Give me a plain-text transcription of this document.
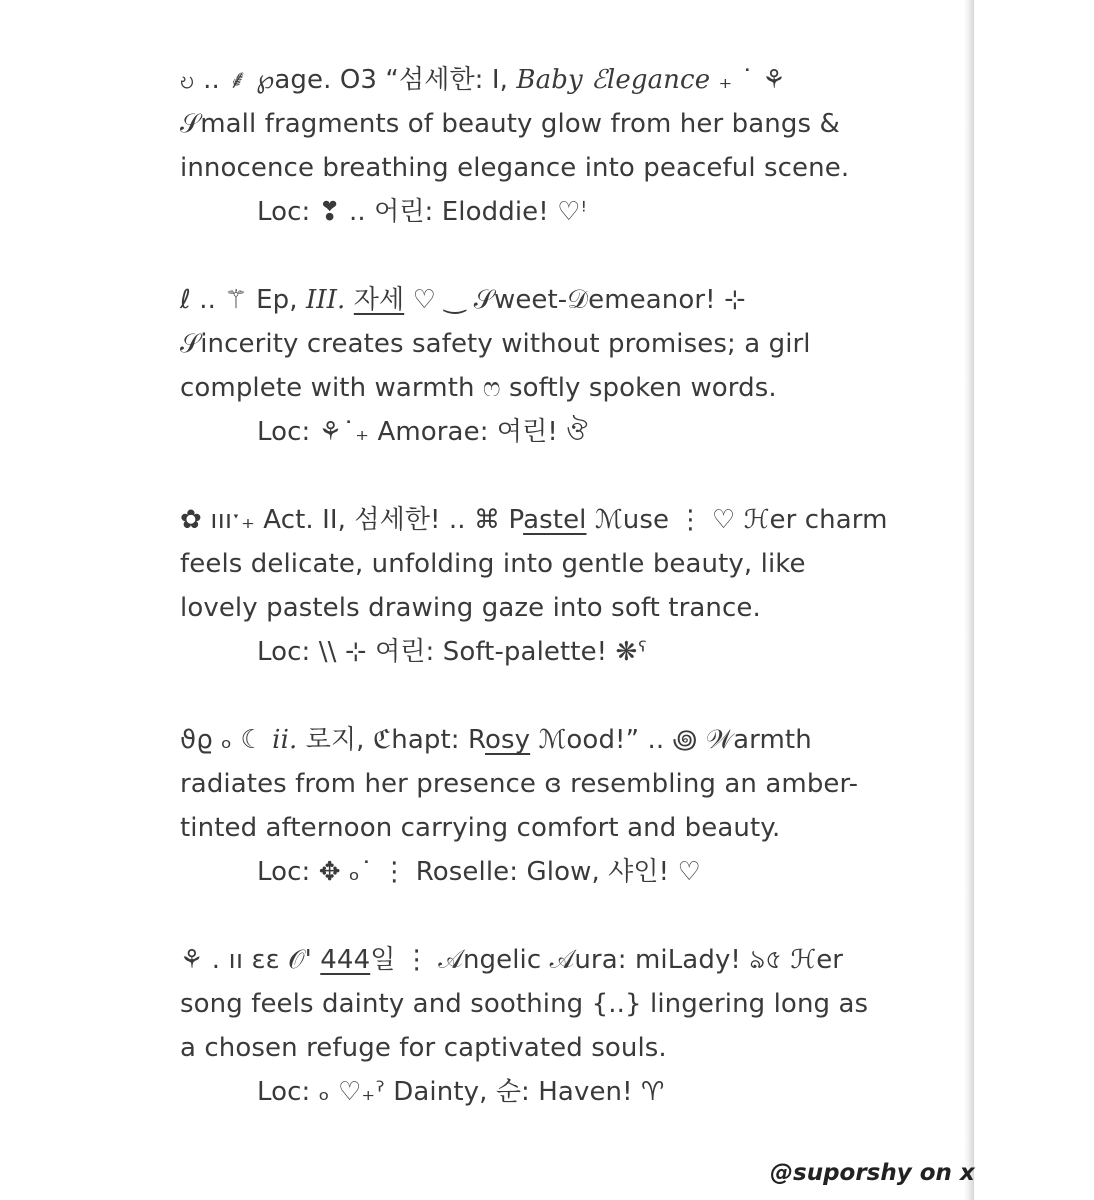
ဎ .. ⸙ ℘age. O3 “섬세한: I, Baby ℰlegance ₊ ˙ ⚘
𝒮mall fragments of beauty glow from her bangs &
innocence breathing elegance into peaceful scene.
Loc: ❣ .. 어린: Eloddie! ♡ꜝ
ℓ .. ⚚ Ep, III. 자세 ♡ ‿ 𝒮weet-𝒟emeanor! ⊹
𝒮incerity creates safety without promises; a girl
complete with warmth ෆ softly spoken words.
Loc: ⚘˙₊ Amorae: 여린! ঔ
✿ ıııˑ₊ Act. II, 섬세한! .. ⌘ Pastel ℳuse ⋮ ♡ ℋer charm
feels delicate, unfolding into gentle beauty, like
lovely pastels drawing gaze into soft trance.
Loc: \\ ⊹ 여린: Soft-palette! ❋ˁ
ϑϱ ₒ ☾ ii. 로지, ℭhapt: Rosy ℳood!” .. ꩜ 𝒲armth
radiates from her presence ɞ resembling an amber-
tinted afternoon carrying comfort and beauty.
Loc: ✥ ₒ˙ ⋮ Roselle: Glow, 샤인! ♡
⚘ . ıı ɛɛ 𝒪' 444일 ⋮ 𝒜ngelic 𝒜ura: miLady! ঌ৫ ℋer
song feels dainty and soothing {..} lingering long as
a chosen refuge for captivated souls.
Loc: ₒ ♡₊ˀ Dainty, 순: Haven! ♈
@suporshy on x
